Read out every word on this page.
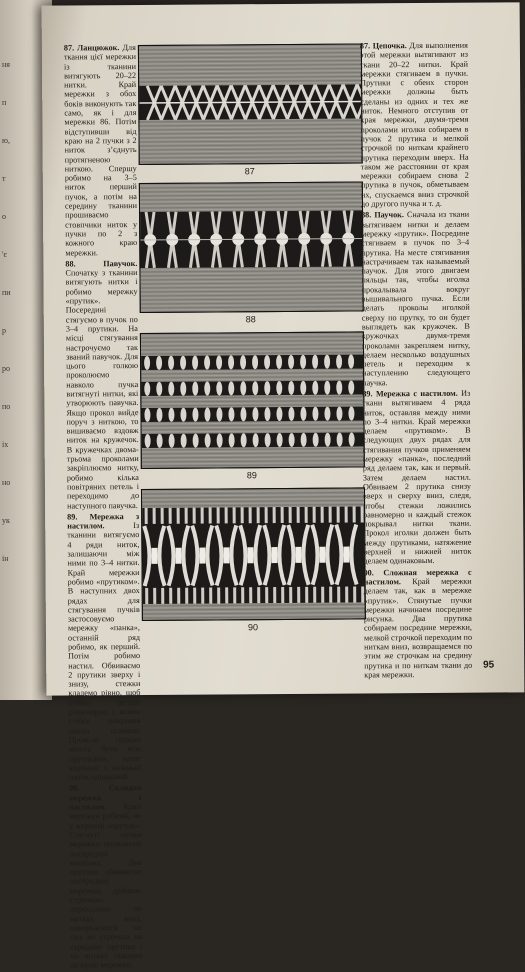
ня
п
ю,
т
о
'є
пи
р
ро
по
іх
но
ук
ін

87. Ланцюжок. Для ткання цієї мережки із тканини витягують 20–22 нитки. Край мережки з обох боків виконують так само, як і для мережки 86. Потім відступивши від краю на 2 пучки з 2 ниток з’єднуть протягненою ниткою. Спершу робимо на 3–5 ниток перший пучок, а потім на середину тканини прошиваємо стовпчики ниток у пучки по 2 з кожного краю мережки.

88. Павучок. Спочатку з тканини витягують нитки і робимо мережку «прутик». Посередині стягуємо в пучок по 3–4 прутики. На місці стягування настрочуємо так званий павучок. Для цього голкою проколюємо навколо пучка витягнуті нитки, які утворюють павучка. Якщо прокол вийде поруч з ниткою, то вишиваємо вздовж ниток на кружечок. В кружечках двома-трьома проколами закріплюємо нитку, робимо кілька повітряних петель і переходимо до наступного павучка.

89. Мережка з настилом. Із тканини витягуємо 4 ряди ниток, залишаючи між ними по 3–4 нитки. Край мережки робимо «прутиком». В наступних двох рядах для стягування пучків застосовуємо мережку «панка», останній ряд робимо, як перший. Потім робимо настил. Обвиваємо 2 прутики зверху і знизу, стежки кладемо рівно, щоб стібки лягали рівномірно і кожен стібок покривав нитки тканини. Проколи голкою мають бути між прутиками, натяг верхньої і нижньої ниток однаковий.

90. Складна мережка з настилом. Край мережки робимо, як у мережці «прутик». Стягнуті пучки мережки починаємо посередині малюнка. Два прутики обвиваємо посередині мережки, дрібною строчкою переходимо по нитках вниз, повертаємося по цих же строчках на середину прутика і по нитках тканини до краю мережки.

87
88
89
90

87. Цепочка. Для выполнения этой мережки вытягивают из ткани 20–22 нитки. Край мережки стягиваем в пучки. Прутики с обеих сторон мережки должны быть сделаны из одних и тех же ниток. Немного отступив от края мережки, двумя-тремя проколами иголки собираем в пучок 2 прутика и мелкой строчкой по ниткам крайнего прутика переходим вверх. На таком же расстоянии от края мережки собираем снова 2 прутика в пучок, обметываем их, спускаемся вниз строчкой до другого пучка и т. д.

88. Паучок. Сначала из ткани вытягиваем нитки и делаем мережку «прутик». Посредине стягиваем в пучок по 3–4 прутика. На месте стягивания настрачиваем так называемый паучок. Для этого двигаем пяльцы так, чтобы иголка прокалывала вокруг вышивального пучка. Если делать проколы иголкой сверху по прутку, то он будет выглядеть как кружочек. В кружочках двумя-тремя проколами закрепляем нитку, делаем несколько воздушных петель и переходим к наступлению следующего паучка.

89. Мережка с настилом. Из ткани вытягиваем 4 ряда ниток, оставляя между ними по 3–4 нитки. Край мережки делаем «прутиком». В следующих двух рядах для стягивания пучков применяем мережку «панка», последний ряд делаем так, как и первый. Затем делаем настил. Обвиваем 2 прутика снизу вверх и сверху вниз, следя, чтобы стежки ложились равномерно и каждый стежок покрывал нитки ткани. Прокол иголки должен быть между прутиками, натяжение верхней и нижней ниток делаем одинаковым.

90. Сложная мережка с настилом. Край мережки делаем так, как в мережке «прутик». Стянутые пучки мережки начинаем посредине рисунка. Два прутика собираем посредине мережки, мелкой строчкой переходим по ниткам вниз, возвращаемся по этим же строчкам на средину прутика и по ниткам ткани до края мережки.

95
